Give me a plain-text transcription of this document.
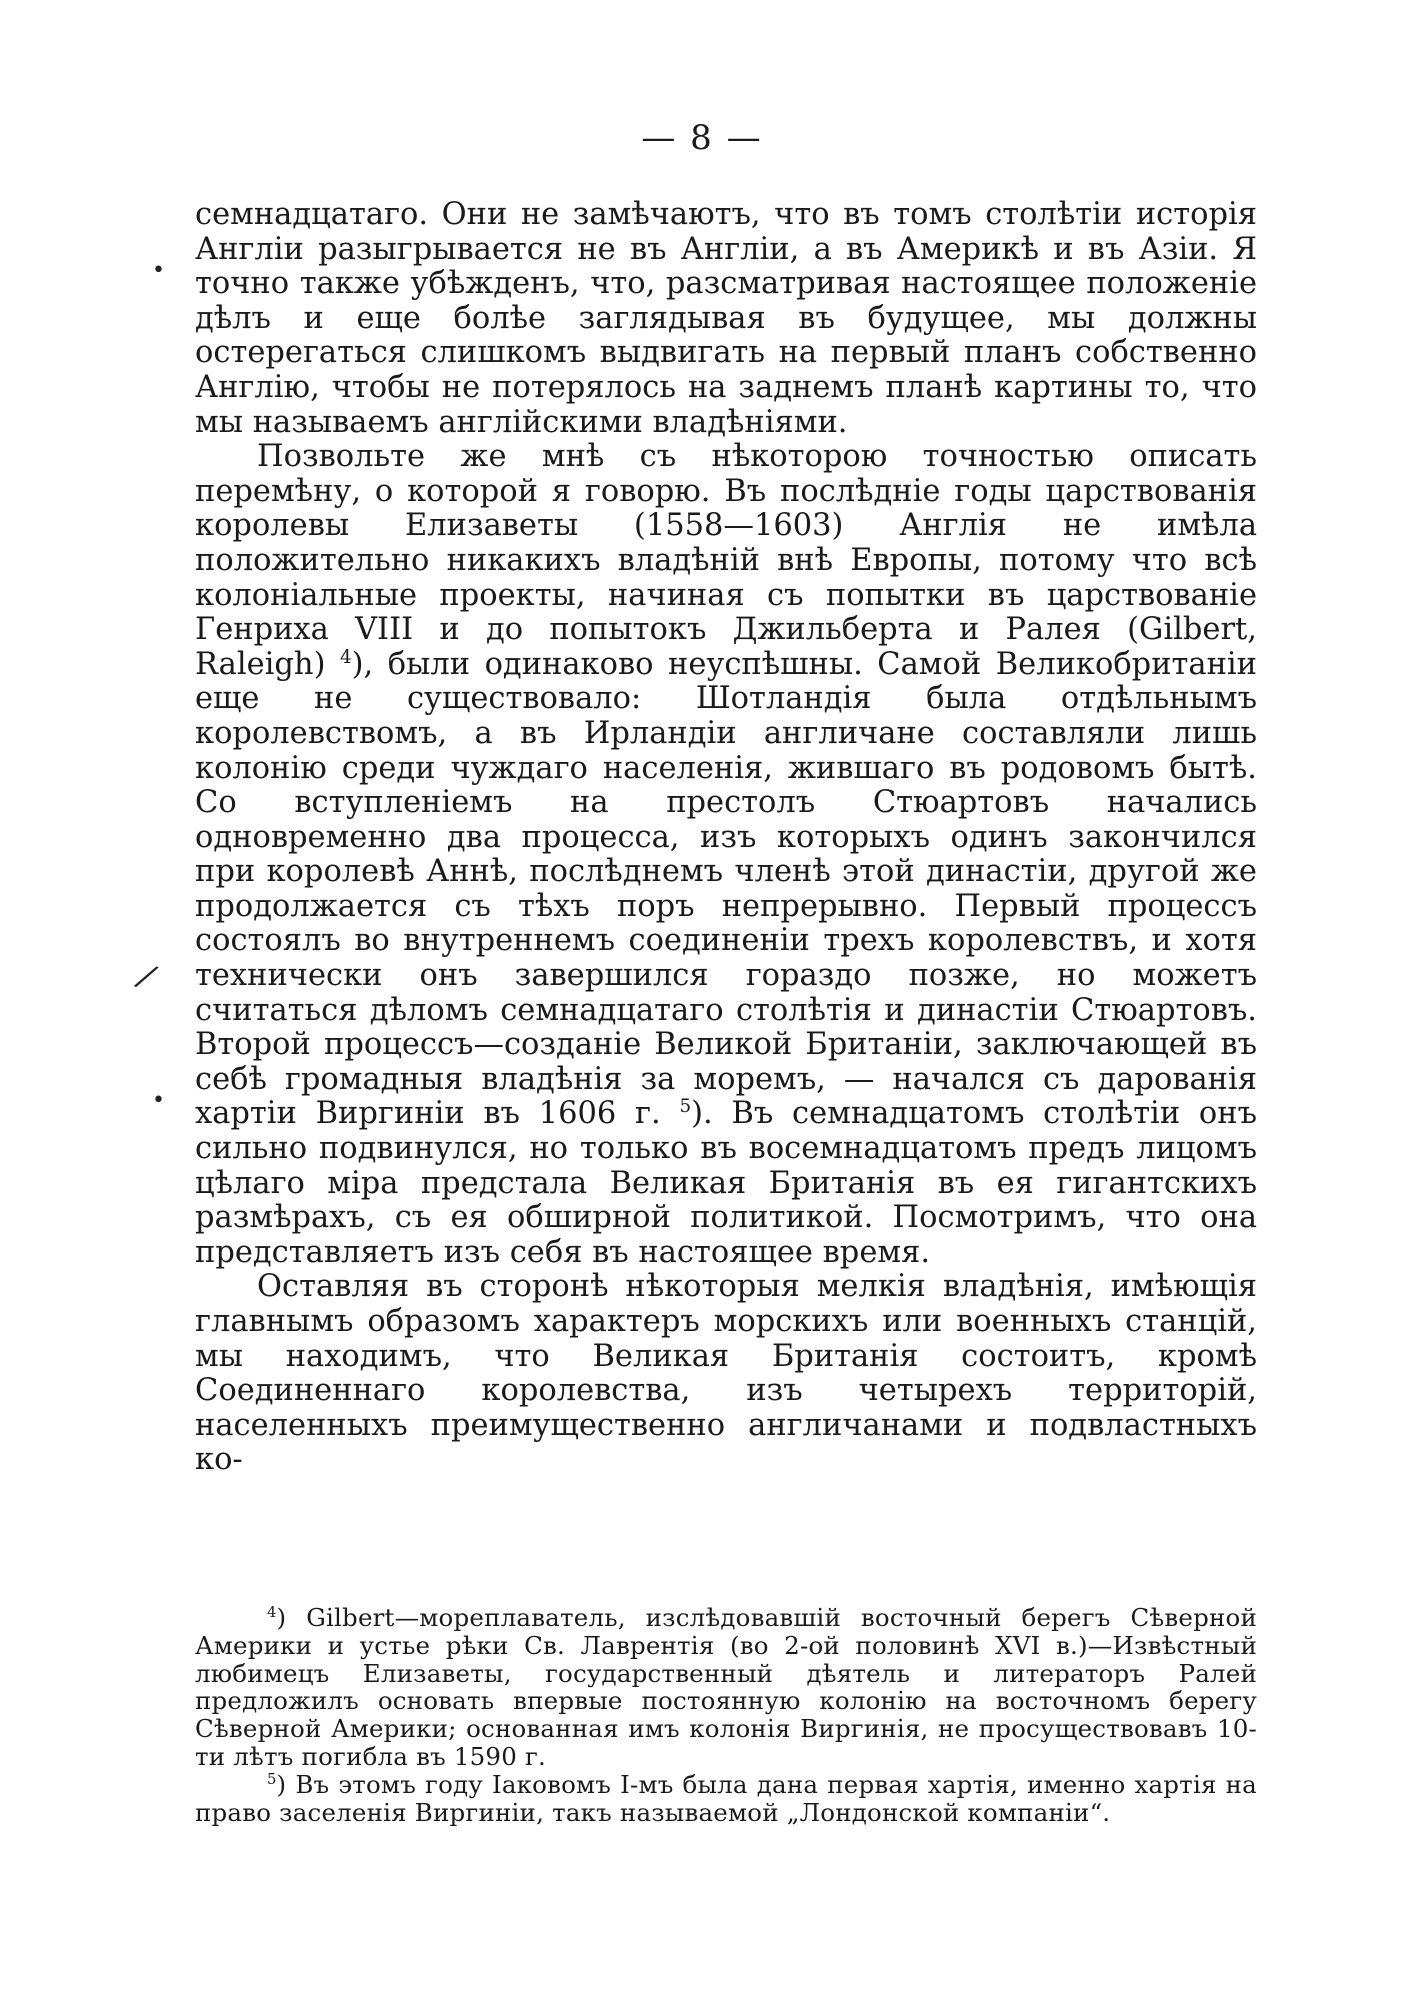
— 8 —
•
⁄
•

семнадцатаго. Они не замѣчаютъ, что въ томъ столѣтіи исторія Англіи разыгрывается не въ Англіи, а въ Америкѣ и въ Азіи. Я точно также убѣжденъ, что, разсматривая настоящее положеніе дѣлъ и еще болѣе заглядывая въ будущее, мы должны остерегаться слишкомъ выдвигать на первый планъ собственно Англію, чтобы не потерялось на заднемъ планѣ картины то, что мы называемъ англійскими владѣніями.

Позвольте же мнѣ съ нѣкоторою точностью описать перемѣну, о которой я говорю. Въ послѣдніе годы царствованія королевы Елизаветы (1558—1603) Англія не имѣла положительно никакихъ владѣній внѣ Европы, потому что всѣ колоніальные проекты, начиная съ попытки въ царствованіе Генриха VIII и до попытокъ Джильберта и Ралея (Gilbert, Raleigh) $^4$), были одинаково неуспѣшны. Самой Великобританіи еще не существовало: Шотландія была отдѣльнымъ королевствомъ, а въ Ирландіи англичане составляли лишь колонію среди чуждаго населенія, жившаго въ родовомъ бытѣ. Со вступленіемъ на престолъ Стюартовъ начались одновременно два процесса, изъ которыхъ одинъ закончился при королевѣ Аннѣ, послѣднемъ членѣ этой династіи, другой же продолжается съ тѣхъ поръ непрерывно. Первый процессъ состоялъ во внутреннемъ соединеніи трехъ королевствъ, и хотя технически онъ завершился гораздо позже, но можетъ считаться дѣломъ семнадцатаго столѣтія и династіи Стюартовъ. Второй процессъ—созданіе Великой Британіи, заключающей въ себѣ громадныя владѣнія за моремъ, — начался съ дарованія хартіи Виргиніи въ 1606 г. $^5$). Въ семнадцатомъ столѣтіи онъ сильно подвинулся, но только въ восемнадцатомъ предъ лицомъ цѣлаго міра предстала Великая Британія въ ея гигантскихъ размѣрахъ, съ ея обширной политикой. Посмотримъ, что она представляетъ изъ себя въ настоящее время.

Оставляя въ сторонѣ нѣкоторыя мелкія владѣнія, имѣющія главнымъ образомъ характеръ морскихъ или военныхъ станцій, мы находимъ, что Великая Британія состоитъ, кромѣ Соединеннаго королевства, изъ четырехъ территорій, населенныхъ преимущественно англичанами и подвластныхъ ко-

$^4$) Gilbert—мореплаватель, изслѣдовавшій восточный берегъ Сѣверной Америки и устье рѣки Св. Лаврентія (во 2-ой половинѣ XVI в.)—Извѣстный любимецъ Елизаветы, государственный дѣятель и литераторъ Ралей предложилъ основать впервые постоянную колонію на восточномъ берегу Сѣверной Америки; основанная имъ колонія Виргинія, не просуществовавъ 10-ти лѣтъ погибла въ 1590 г.

$^5$) Въ этомъ году Іаковомъ I-мъ была дана первая хартія, именно хартія на право заселенія Виргиніи, такъ называемой „Лондонской компаніи“.
